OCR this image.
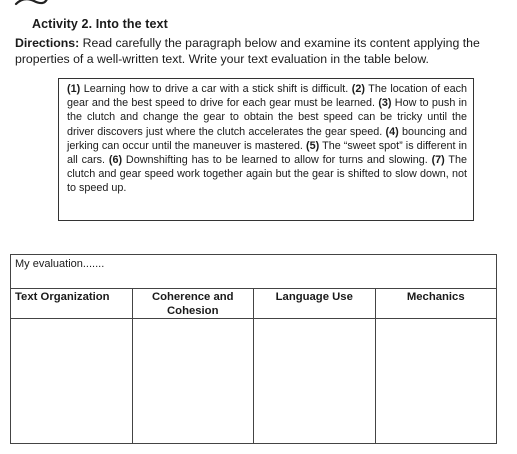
Activity 2. Into the text
Directions: Read carefully the paragraph below and examine its content applying the properties of a well-written text. Write your text evaluation in the table below.
(1) Learning how to drive a car with a stick shift is difficult. (2) The location of each gear and the best speed to drive for each gear must be learned. (3) How to push in the clutch and change the gear to obtain the best speed can be tricky until the driver discovers just where the clutch accelerates the gear speed. (4) bouncing and jerking can occur until the maneuver is mastered. (5) The “sweet spot” is different in all cars. (6) Downshifting has to be learned to allow for turns and slowing. (7) The clutch and gear speed work together again but the gear is shifted to slow down, not to speed up.
My evaluation.......			
Text Organization	Coherence and Cohesion	Language Use	Mechanics
